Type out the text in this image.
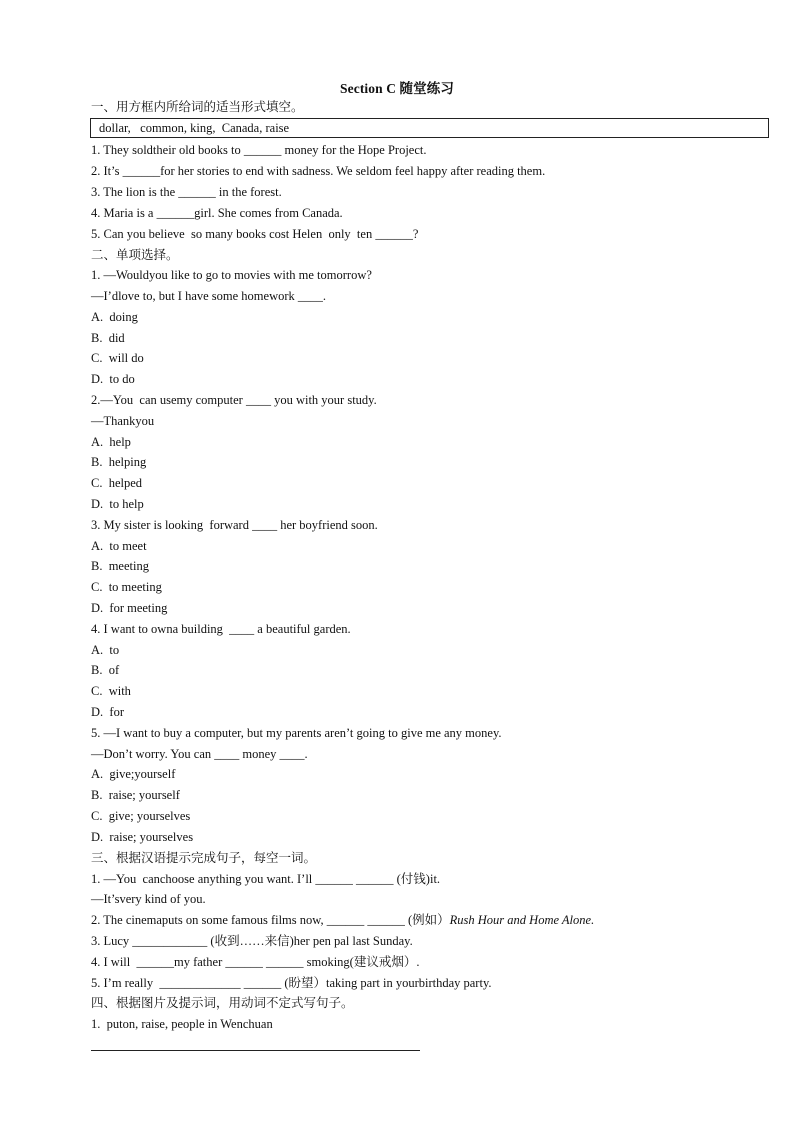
Section C 随堂练习
一、用方框内所给词的适当形式填空。
dollar,   common, king,  Canada, raise
1. They soldtheir old books to ______ money for the Hope Project.
2. It’s ______for her stories to end with sadness. We seldom feel happy after reading them.
3. The lion is the ______ in the forest.
4. Maria is a ______girl. She comes from Canada.
5. Can you believe  so many books cost Helen  only  ten ______?
二、单项选择。
1. —Wouldyou like to go to movies with me tomorrow?
—I’dlove to, but I have some homework ____.
A.  doing
B.  did
C.  will do
D.  to do
2.—You  can usemy computer ____ you with your study.
—Thankyou
A.  help
B.  helping
C.  helped
D.  to help
3. My sister is looking  forward ____ her boyfriend soon.
A.  to meet
B.  meeting
C.  to meeting
D.  for meeting
4. I want to owna building  ____ a beautiful garden.
A.  to
B.  of
C.  with
D.  for
5. —I want to buy a computer, but my parents aren’t going to give me any money.
—Don’t worry. You can ____ money ____.
A.  give;yourself
B.  raise; yourself
C.  give; yourselves
D.  raise; yourselves
三、根据汉语提示完成句子，每空一词。
1. —You  canchoose anything you want. I’ll ______ ______ (付钱)it.
—It’svery kind of you.
2. The cinemaputs on some famous films now, ______ ______ (例如）Rush Hour and Home Alone.
3. Lucy ____________ (收到……来信)her pen pal last Sunday.
4. I will  ______my father ______ ______ smoking(建议戒烟）.
5. I’m really  _____________ ______ (盼望）taking part in yourbirthday party.
四、根据图片及提示词，用动词不定式写句子。
1.  puton, raise, people in Wenchuan
